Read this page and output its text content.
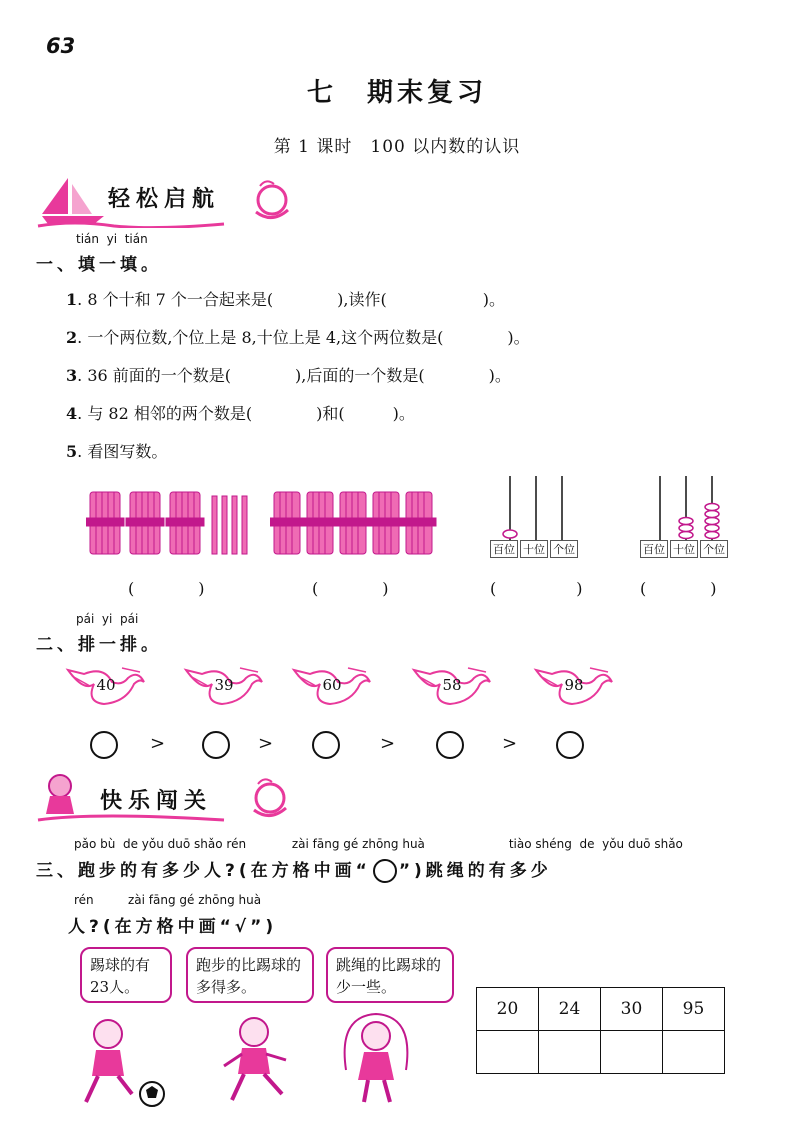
63
七　期末复习
第 1 课时　100 以内数的认识
轻松启航
tián  yi  tián
一、填一填。
1. 8 个十和 7 个一合起来是(　　　　),读作(　　　　　　)。
2. 一个两位数,个位上是 8,十位上是 4,这个两位数是(　　　　)。
3. 36 前面的一个数是(　　　　),后面的一个数是(　　　　)。
4. 与 82 相邻的两个数是(　　　　)和(　　　)。
5. 看图写数。
百位 十位 个位	百位 十位 个位
(　　　　)	(　　　　)	(　　　　　)	(　　　　)
pái  yi  pái
二、排一排。
40	39	60	58	98
>	>	>	>
快乐闯关
pǎo bù  de yǒu duō shǎo rén            zài fāng gé zhōng huà                      tiào shéng  de  yǒu duō shǎo
三、跑步的有多少人?(在方格中画“ ”)跳绳的有多少
rén         zài fāng gé zhōng huà
人?(在方格中画“√”)
踢球的有23人。
跑步的比踢球的多得多。
跳绳的比踢球的少一些。
20	24	30	95
